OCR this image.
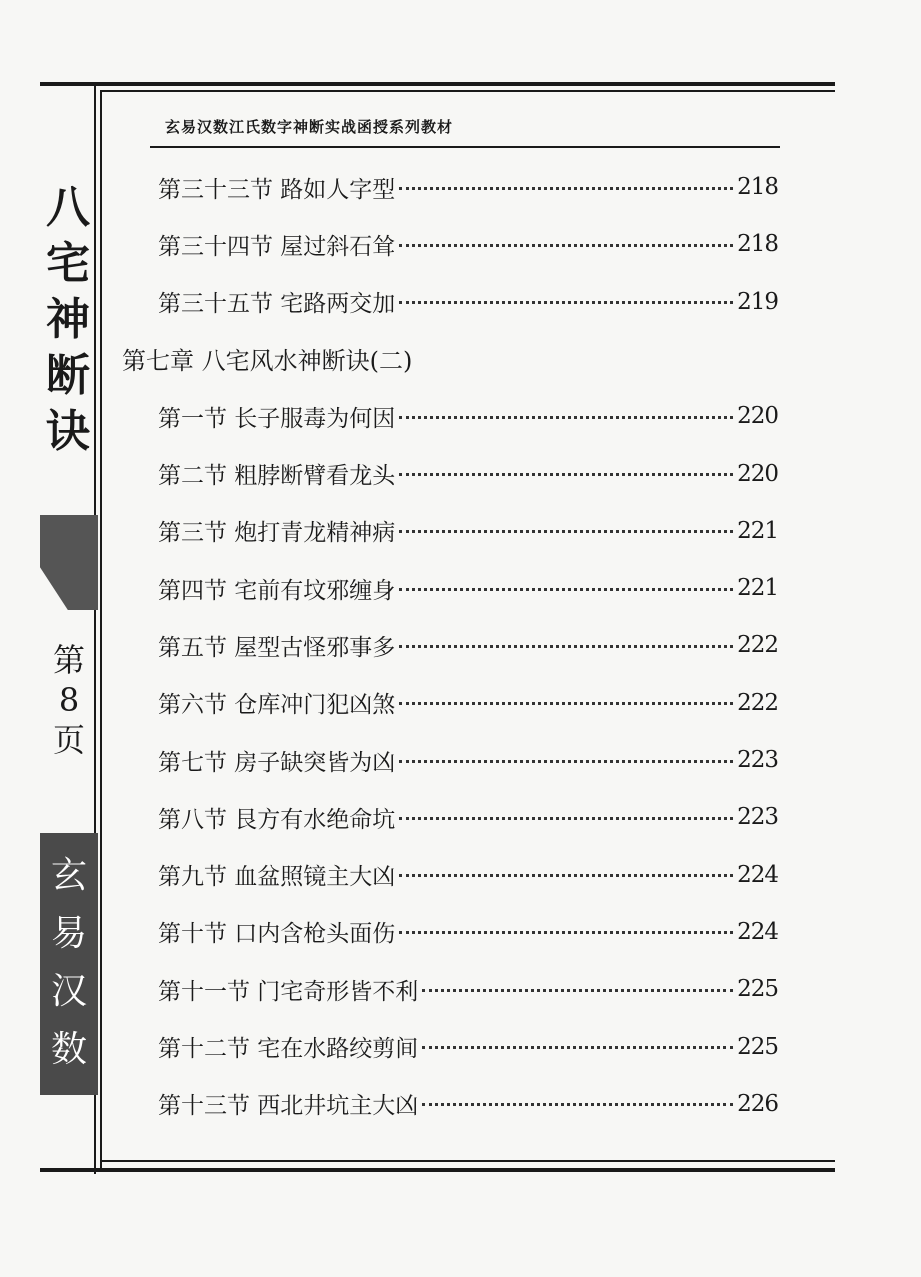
八
宅
神
断
诀
第
8
页
玄
易
汉
数
玄易汉数江氏数字神断实战函授系列教材
第三十三节 路如人字型	218
第三十四节 屋过斜石耸	218
第三十五节 宅路两交加	219
第七章 八宅风水神断诀(二)
第一节 长子服毒为何因	220
第二节 粗脖断臂看龙头	220
第三节 炮打青龙精神病	221
第四节 宅前有坟邪缠身	221
第五节 屋型古怪邪事多	222
第六节 仓库冲门犯凶煞	222
第七节 房子缺突皆为凶	223
第八节 艮方有水绝命坑	223
第九节 血盆照镜主大凶	224
第十节 口内含枪头面伤	224
第十一节 门宅奇形皆不利	225
第十二节 宅在水路绞剪间	225
第十三节 西北井坑主大凶	226
